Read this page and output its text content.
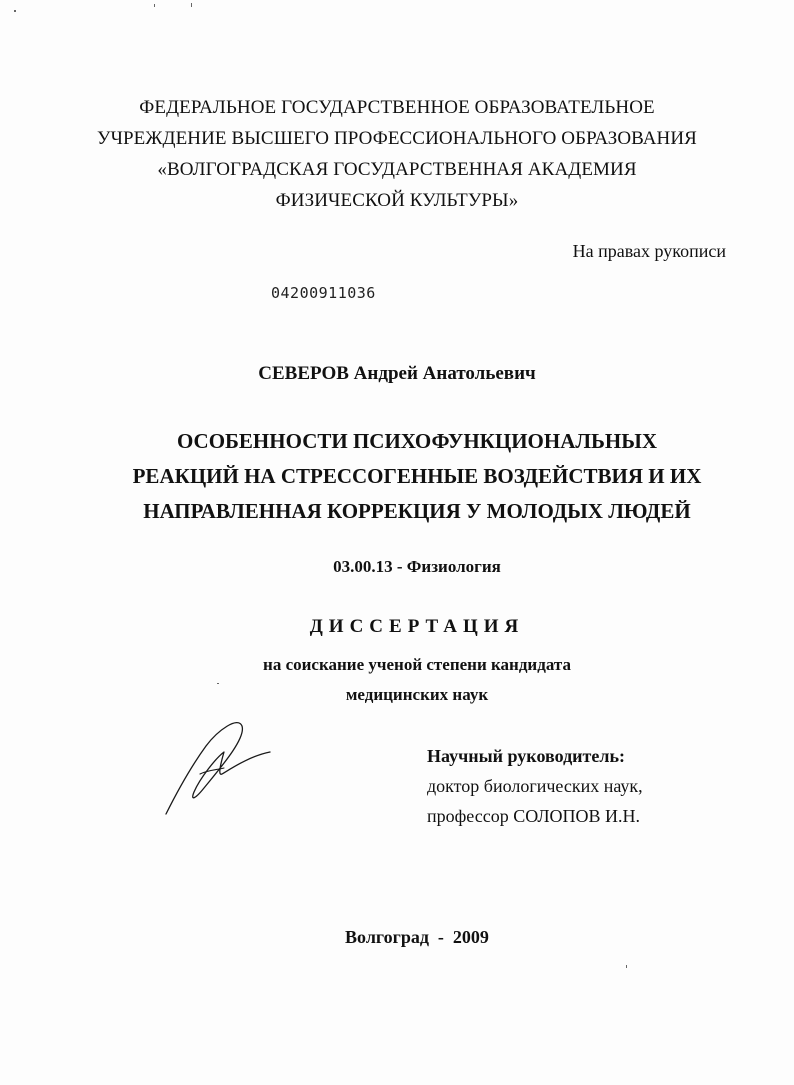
ФЕДЕРАЛЬНОЕ ГОСУДАРСТВЕННОЕ ОБРАЗОВАТЕЛЬНОЕ
УЧРЕЖДЕНИЕ ВЫСШЕГО ПРОФЕССИОНАЛЬНОГО ОБРАЗОВАНИЯ
«ВОЛГОГРАДСКАЯ ГОСУДАРСТВЕННАЯ АКАДЕМИЯ
ФИЗИЧЕСКОЙ КУЛЬТУРЫ»
На правах рукописи
04200911036
СЕВЕРОВ Андрей Анатольевич
ОСОБЕННОСТИ ПСИХОФУНКЦИОНАЛЬНЫХ
РЕАКЦИЙ НА СТРЕССОГЕННЫЕ ВОЗДЕЙСТВИЯ И ИХ
НАПРАВЛЕННАЯ КОРРЕКЦИЯ У МОЛОДЫХ ЛЮДЕЙ
03.00.13 - Физиология
ДИССЕРТАЦИЯ
на соискание ученой степени кандидата
медицинских наук
Научный руководитель:
доктор биологических наук,
профессор СОЛОПОВ И.Н.
Волгоград  -  2009
